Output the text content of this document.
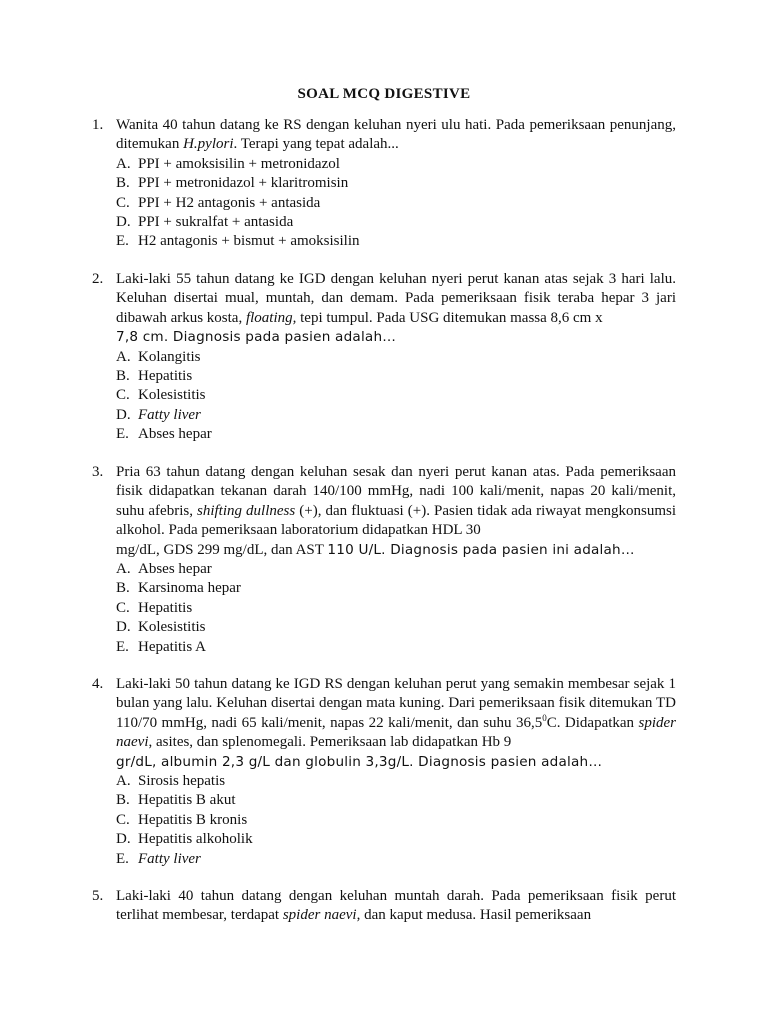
SOAL MCQ DIGESTIVE
1. Wanita 40 tahun datang ke RS dengan keluhan nyeri ulu hati. Pada pemeriksaan penunjang, ditemukan H.pylori. Terapi yang tepat adalah...
A. PPI + amoksisilin + metronidazol
B. PPI + metronidazol + klaritromisin
C. PPI + H2 antagonis + antasida
D. PPI + sukralfat + antasida
E. H2 antagonis + bismut + amoksisilin
2. Laki-laki 55 tahun datang ke IGD dengan keluhan nyeri perut kanan atas sejak 3 hari lalu. Keluhan disertai mual, muntah, dan demam. Pada pemeriksaan fisik teraba hepar 3 jari dibawah arkus kosta, floating, tepi tumpul. Pada USG ditemukan massa 8,6 cm x
7,8 cm. Diagnosis pada pasien adalah…
A. Kolangitis
B. Hepatitis
C. Kolesistitis
D. Fatty liver
E. Abses hepar
3. Pria 63 tahun datang dengan keluhan sesak dan nyeri perut kanan atas. Pada pemeriksaan fisik didapatkan tekanan darah 140/100 mmHg, nadi 100 kali/menit, napas 20 kali/menit, suhu afebris, shifting dullness (+), dan fluktuasi (+). Pasien tidak ada riwayat mengkonsumsi alkohol. Pada pemeriksaan laboratorium didapatkan HDL 30
mg/dL, GDS 299 mg/dL, dan AST 110 U/L. Diagnosis pada pasien ini adalah…
A. Abses hepar
B. Karsinoma hepar
C. Hepatitis
D. Kolesistitis
E. Hepatitis A
4. Laki-laki 50 tahun datang ke IGD RS dengan keluhan perut yang semakin membesar sejak 1 bulan yang lalu. Keluhan disertai dengan mata kuning. Dari pemeriksaan fisik ditemukan TD 110/70 mmHg, nadi 65 kali/menit, napas 22 kali/menit, dan suhu 36,5$^0$C. Didapatkan spider naevi, asites, dan splenomegali. Pemeriksaan lab didapatkan Hb 9
gr/dL, albumin 2,3 g/L dan globulin 3,3g/L. Diagnosis pasien adalah…
A. Sirosis hepatis
B. Hepatitis B akut
C. Hepatitis B kronis
D. Hepatitis alkoholik
E. Fatty liver
5. Laki-laki 40 tahun datang dengan keluhan muntah darah. Pada pemeriksaan fisik perut terlihat membesar, terdapat spider naevi, dan kaput medusa. Hasil pemeriksaan
